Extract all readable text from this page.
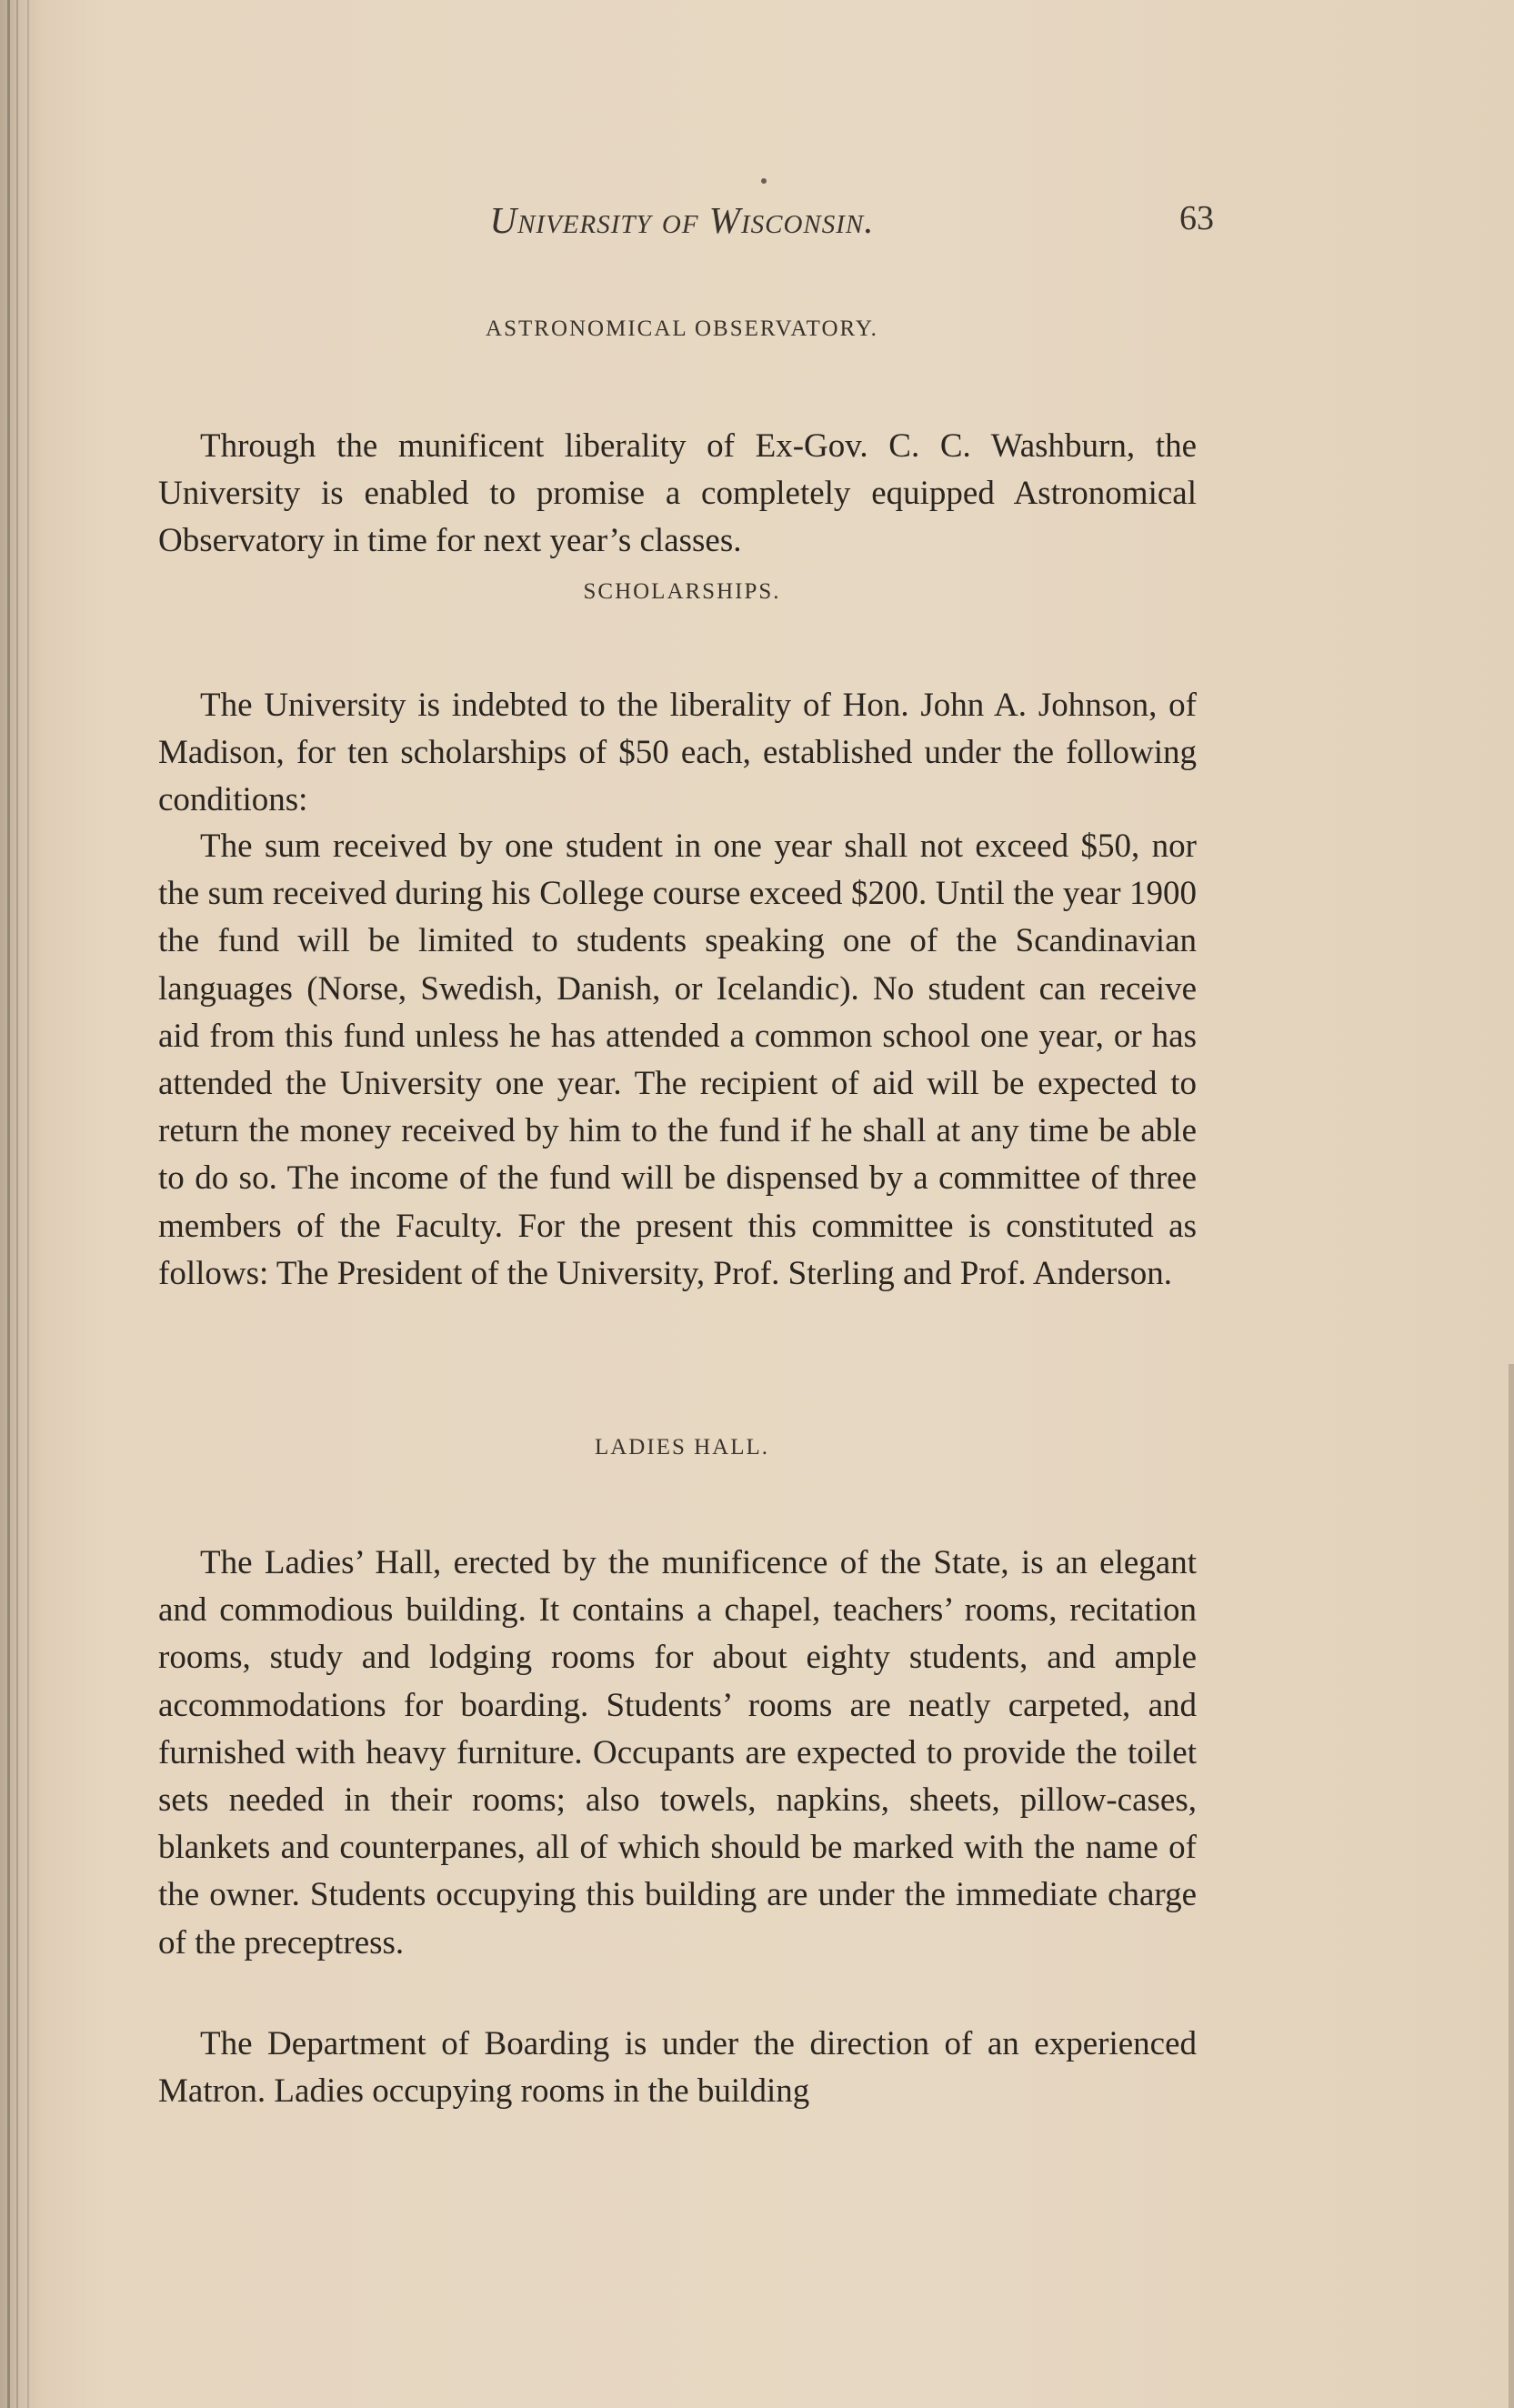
University of Wisconsin.	63
ASTRONOMICAL OBSERVATORY.

Through the munificent liberality of Ex-Gov. C. C. Washburn, the University is enabled to promise a completely equipped Astronomical Observatory in time for next year’s classes.

SCHOLARSHIPS.

The University is indebted to the liberality of Hon. John A. Johnson, of Madison, for ten scholarships of $50 each, established under the following conditions:

The sum received by one student in one year shall not exceed $50, nor the sum received during his College course exceed $200. Until the year 1900 the fund will be limited to students speaking one of the Scandinavian languages (Norse, Swedish, Danish, or Icelandic). No student can receive aid from this fund unless he has attended a common school one year, or has attended the University one year. The recipient of aid will be expected to return the money received by him to the fund if he shall at any time be able to do so. The income of the fund will be dispensed by a committee of three members of the Faculty. For the present this committee is constituted as follows: The President of the University, Prof. Sterling and Prof. Anderson.

LADIES HALL.

The Ladies’ Hall, erected by the munificence of the State, is an elegant and commodious building. It contains a chapel, teachers’ rooms, recitation rooms, study and lodging rooms for about eighty students, and ample accommodations for boarding. Students’ rooms are neatly carpeted, and furnished with heavy furniture. Occupants are expected to provide the toilet sets needed in their rooms; also towels, napkins, sheets, pillow-cases, blankets and counterpanes, all of which should be marked with the name of the owner. Students occupying this building are under the immediate charge of the preceptress.

The Department of Boarding is under the direction of an experienced Matron. Ladies occupying rooms in the building
